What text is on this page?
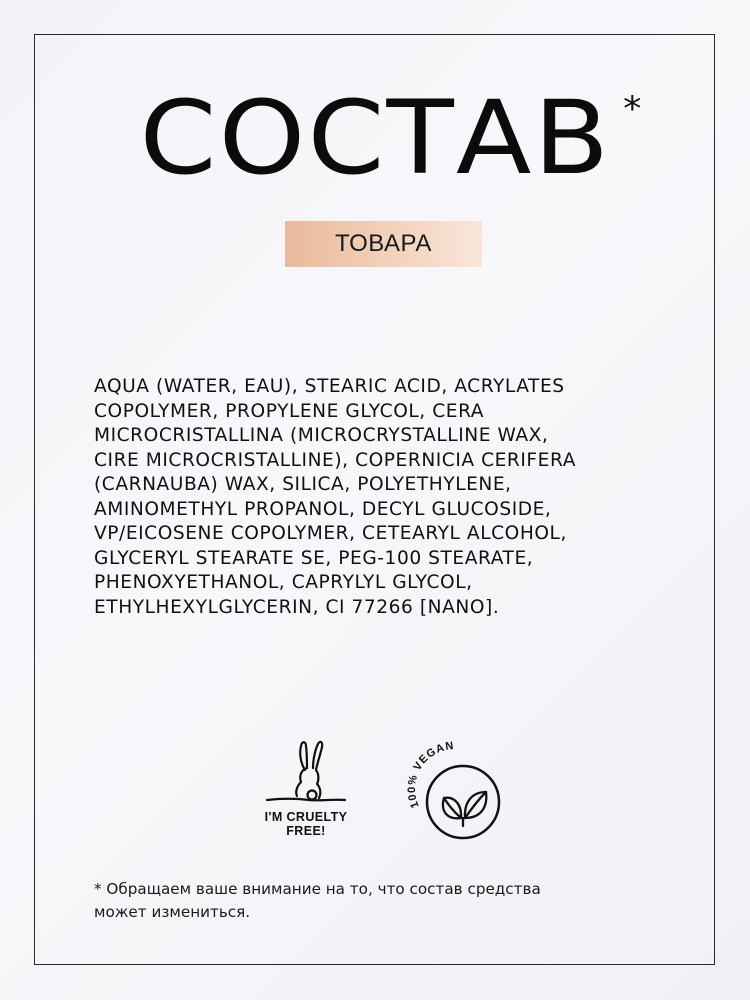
СОСТАВ *
ТОВАРА
AQUA (WATER, EAU), STEARIC ACID, ACRYLATES
COPOLYMER, PROPYLENE GLYCOL, CERA
MICROCRISTALLINA (MICROCRYSTALLINE WAX,
CIRE MICROCRISTALLINE), COPERNICIA CERIFERA
(CARNAUBA) WAX, SILICA, POLYETHYLENE,
AMINOMETHYL PROPANOL, DECYL GLUCOSIDE,
VP/EICOSENE COPOLYMER, CETEARYL ALCOHOL,
GLYCERYL STEARATE SE, PEG-100 STEARATE,
PHENOXYETHANOL, CAPRYLYL GLYCOL,
ETHYLHEXYLGLYCERIN, CI 77266 [NANO].
I'M CRUELTY
FREE!
100% VEGAN
* Обращаем ваше внимание на то, что состав средства
может измениться.
